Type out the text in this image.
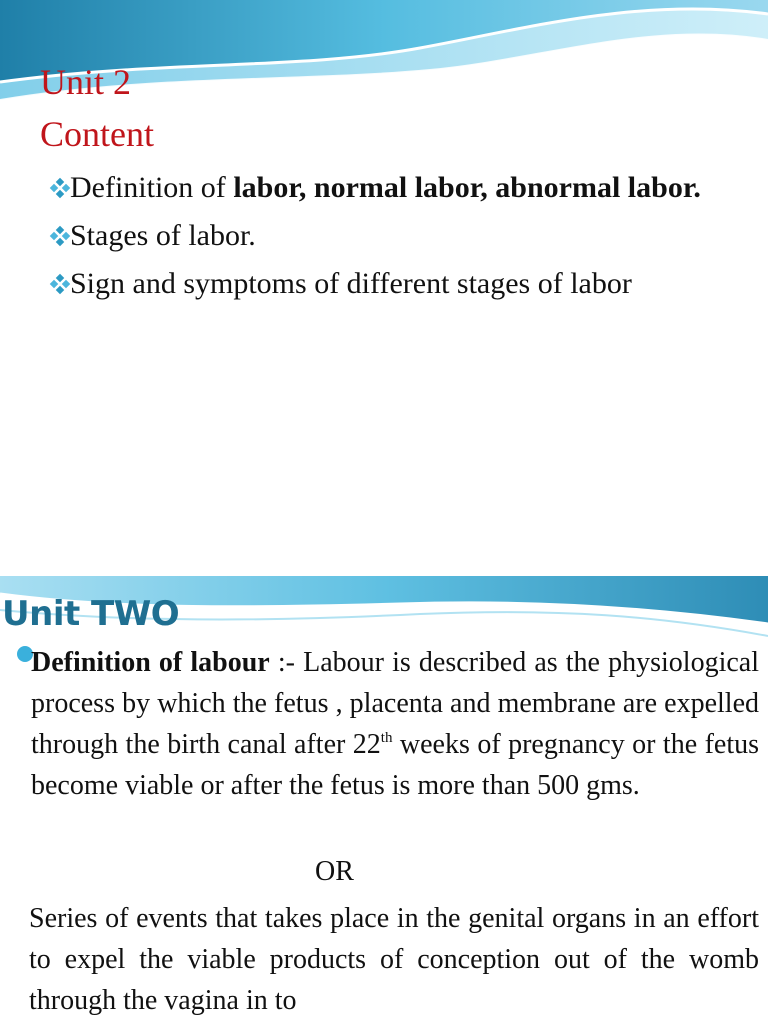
Unit 2
Content
Definition of labor, normal labor, abnormal labor.
Stages of labor.
Sign and symptoms of different stages of labor
Unit TWO

Definition of labour :- Labour is described as the physiological process by which the fetus , placenta and membrane are expelled through the birth canal after 22th weeks of pregnancy or the fetus become viable or after the fetus is more than 500 gms.

OR

Series of events that takes place in the genital organs in an effort to expel the viable products of conception out of the womb through the vagina in to
